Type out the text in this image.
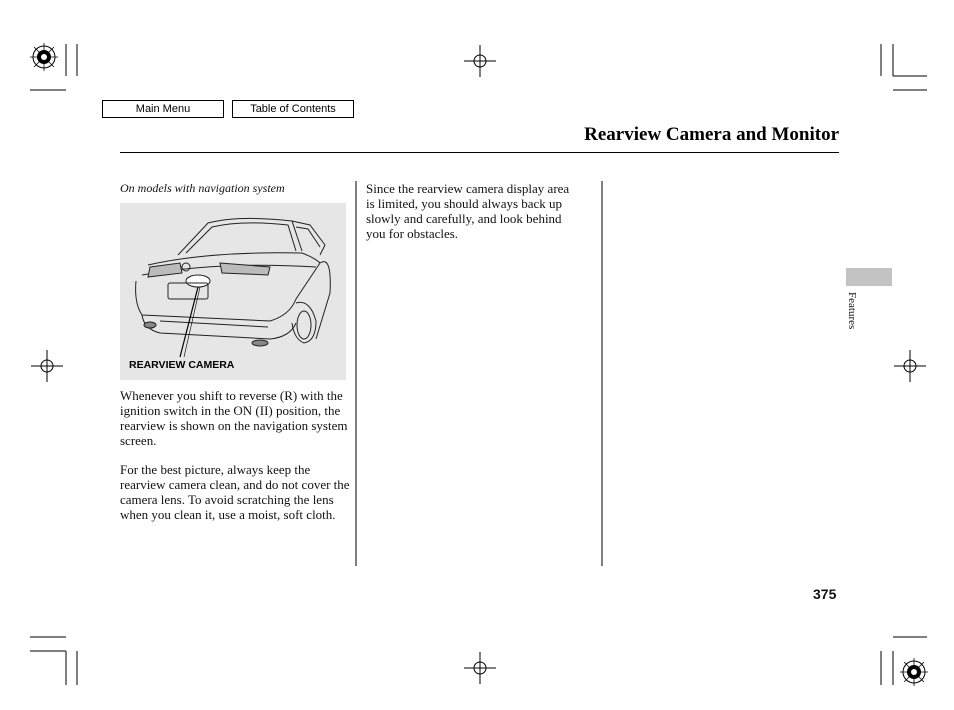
Main Menu	Table of Contents
Rearview Camera and Monitor
On models with navigation system
REARVIEW CAMERA
Whenever you shift to reverse (R) with the ignition switch in the ON (II) position, the rearview is shown on the navigation system screen.
For the best picture, always keep the rearview camera clean, and do not cover the camera lens. To avoid scratching the lens when you clean it, use a moist, soft cloth.
Since the rearview camera display area is limited, you should always back up slowly and carefully, and look behind you for obstacles.
Features
375
